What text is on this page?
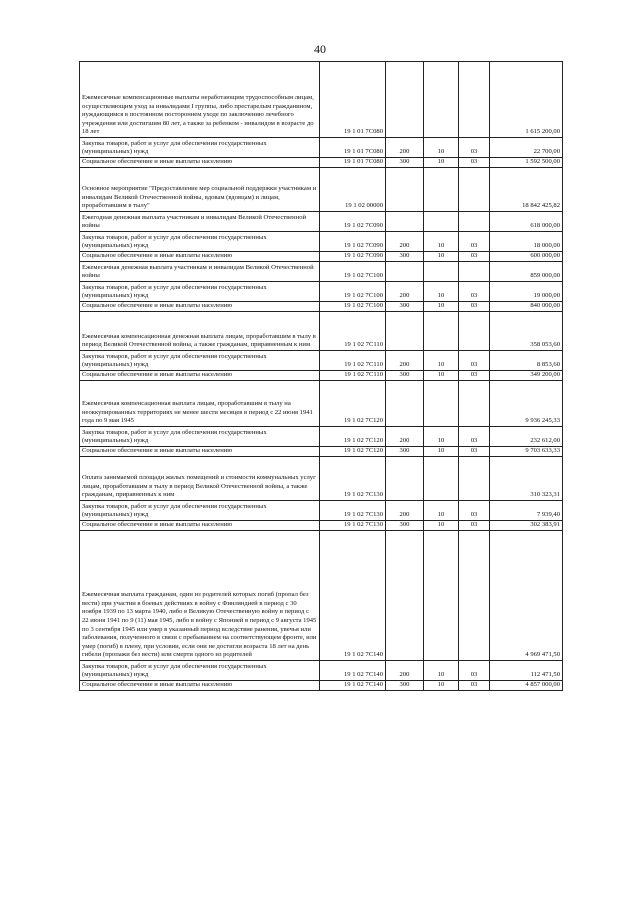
40
Ежемесячные компенсационные выплаты неработающим трудоспособным лицам, осуществляющим уход за инвалидами I группы, либо престарелым гражданином, нуждающимся в постоянном постороннем уходе по заключению лечебного учреждения или достигшим 80 лет, а также за ребенком - инвалидом в возрасте до 18 лет	19 1 01 7С080				1 615 200,00
Закупка товаров, работ и услуг для обеспечения государственных (муниципальных) нужд	19 1 01 7С080	200	10	03	22 700,00
Социальное обеспечение и иные выплаты населению	19 1 01 7С080	300	10	03	1 592 500,00
Основное мероприятие "Предоставление мер социальной поддержки участникам и инвалидам Великой Отечественной войны, вдовам (вдовцам) и лицам, проработавшим в тылу"	19 1 02 00000				18 842 425,82
Ежегодная денежная выплата участникам и инвалидам Великой Отечественной войны	19 1 02 7С090				618 000,00
Закупка товаров, работ и услуг для обеспечения государственных (муниципальных) нужд	19 1 02 7С090	200	10	03	18 000,00
Социальное обеспечение и иные выплаты населению	19 1 02 7С090	300	10	03	600 000,00
Ежемесячная денежная выплата участникам и инвалидам Великой Отечественной войны	19 1 02 7С100				859 000,00
Закупка товаров, работ и услуг для обеспечения государственных (муниципальных) нужд	19 1 02 7С100	200	10	03	19 000,00
Социальное обеспечение и иные выплаты населению	19 1 02 7С100	300	10	03	840 000,00
Ежемесячная компенсационная денежная выплата лицам, проработавшим в тылу в период Великой Отечественной войны, а также гражданам, приравненным к ним	19 1 02 7С110				358 053,60
Закупка товаров, работ и услуг для обеспечения государственных (муниципальных) нужд	19 1 02 7С110	200	10	03	8 853,60
Социальное обеспечение и иные выплаты населению	19 1 02 7С110	300	10	03	349 200,00
Ежемесячная компенсационная выплата лицам, проработавшим в тылу на неоккупированных территориях не менее шести месяцев в период с 22 июня 1941 года по 9 мая 1945	19 1 02 7С120				9 936 245,33
Закупка товаров, работ и услуг для обеспечения государственных (муниципальных) нужд	19 1 02 7С120	200	10	03	232 612,00
Социальное обеспечение и иные выплаты населению	19 1 02 7С120	300	10	03	9 703 633,33
Оплата занимаемой площади жилых помещений и стоимости коммунальных услуг лицам, проработавшим в тылу в период Великой Отечественной войны, а также гражданам, приравненных к ним	19 1 02 7С130				310 323,31
Закупка товаров, работ и услуг для обеспечения государственных (муниципальных) нужд	19 1 02 7С130	200	10	03	7 939,40
Социальное обеспечение и иные выплаты населению	19 1 02 7С130	300	10	03	302 383,91
Ежемесячная выплата гражданам, один из родителей которых погиб (пропал без вести) при участии в боевых действиях в войну с Финляндией в период с 30 ноября 1939 по 13 марта 1940, либо в Великую Отечественную войну в период с 22 июня 1941 по 9 (11) мая 1945, либо в войну с Японией в период с 9 августа 1945 по 3 сентября 1945 или умер в указанный период вследствие ранения, увечья или заболевания, полученного в связи с пребыванием на соответствующем фронте, или умер (погиб) в плену, при условии, если они не достигли возраста 18 лет на день гибели (пропажи без вести) или смерти одного из родителей	19 1 02 7С140				4 969 471,50
Закупка товаров, работ и услуг для обеспечения государственных (муниципальных) нужд	19 1 02 7С140	200	10	03	112 471,50
Социальное обеспечение и иные выплаты населению	19 1 02 7С140	300	10	03	4 857 000,00
